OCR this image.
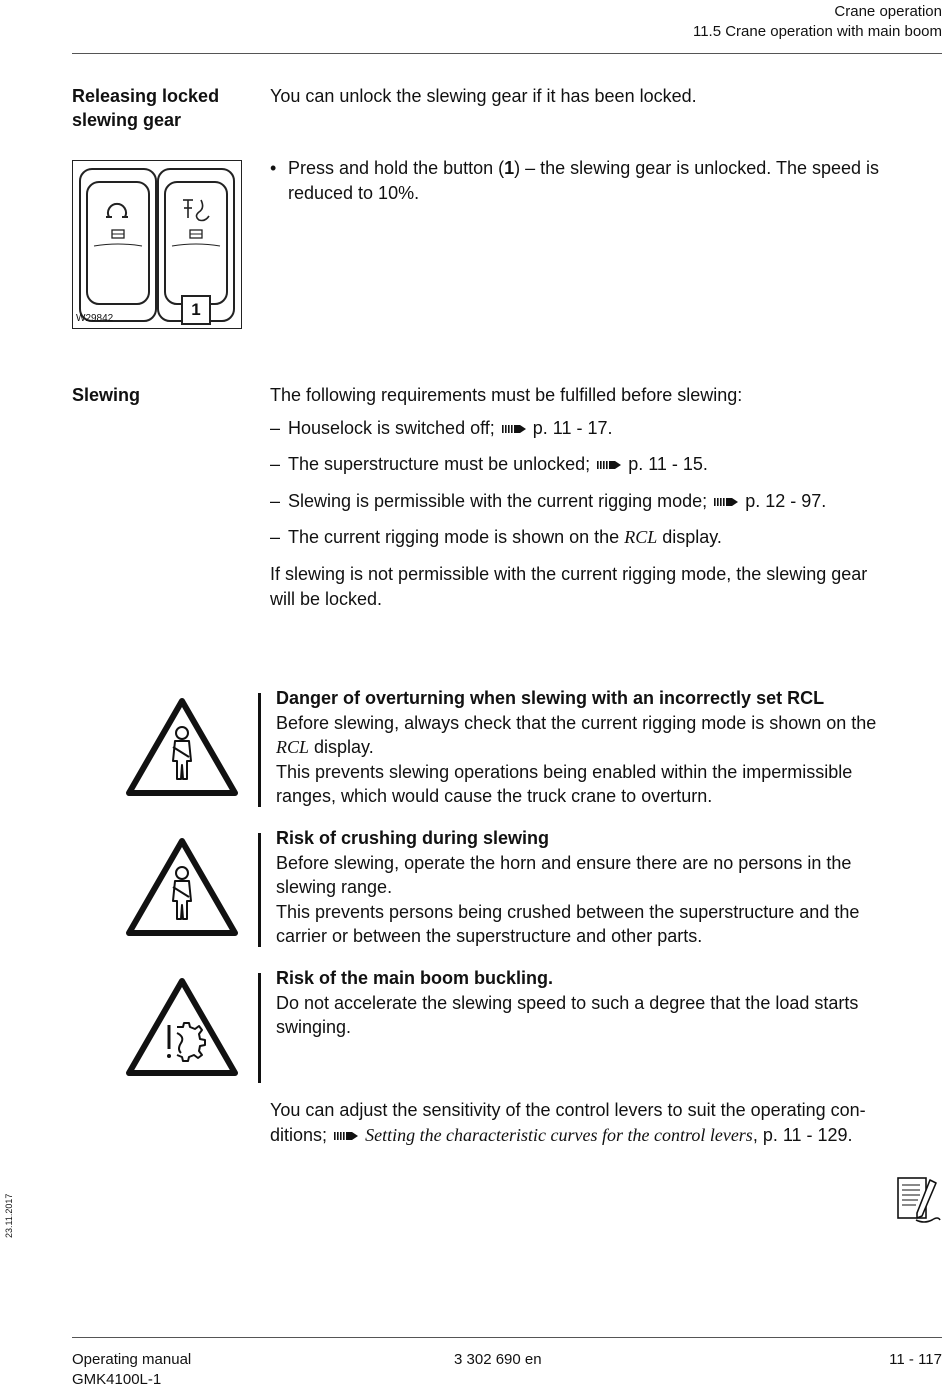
Crane operation
11.5 Crane operation with main boom
Releasing locked
slewing gear
You can unlock the slewing gear if it has been locked.
• Press and hold the button (1) – the slewing gear is unlocked. The speed is
reduced to 10%.
1
W29842
Slewing	The following requirements must be fulfilled before slewing:
– Houselock is switched off; p. 11 - 17.
– The superstructure must be unlocked; p. 11 - 15.
– Slewing is permissible with the current rigging mode; p. 12 - 97.
– The current rigging mode is shown on the RCL display.
If slewing is not permissible with the current rigging mode, the slewing gear
will be locked.
Danger of overturning when slewing with an incorrectly set RCL
Before slewing, always check that the current rigging mode is shown on the
RCL display.
This prevents slewing operations being enabled within the impermissible
ranges, which would cause the truck crane to overturn.
Risk of crushing during slewing
Before slewing, operate the horn and ensure there are no persons in the
slewing range.
This prevents persons being crushed between the superstructure and the
carrier or between the superstructure and other parts.
Risk of the main boom buckling.
Do not accelerate the slewing speed to such a degree that the load starts
swinging.
You can adjust the sensitivity of the control levers to suit the operating con-
ditions; Setting the characteristic curves for the control levers, p. 11 - 129.
23.11.2017
Operating manual
GMK4100L-1
3 302 690 en	11 - 117
